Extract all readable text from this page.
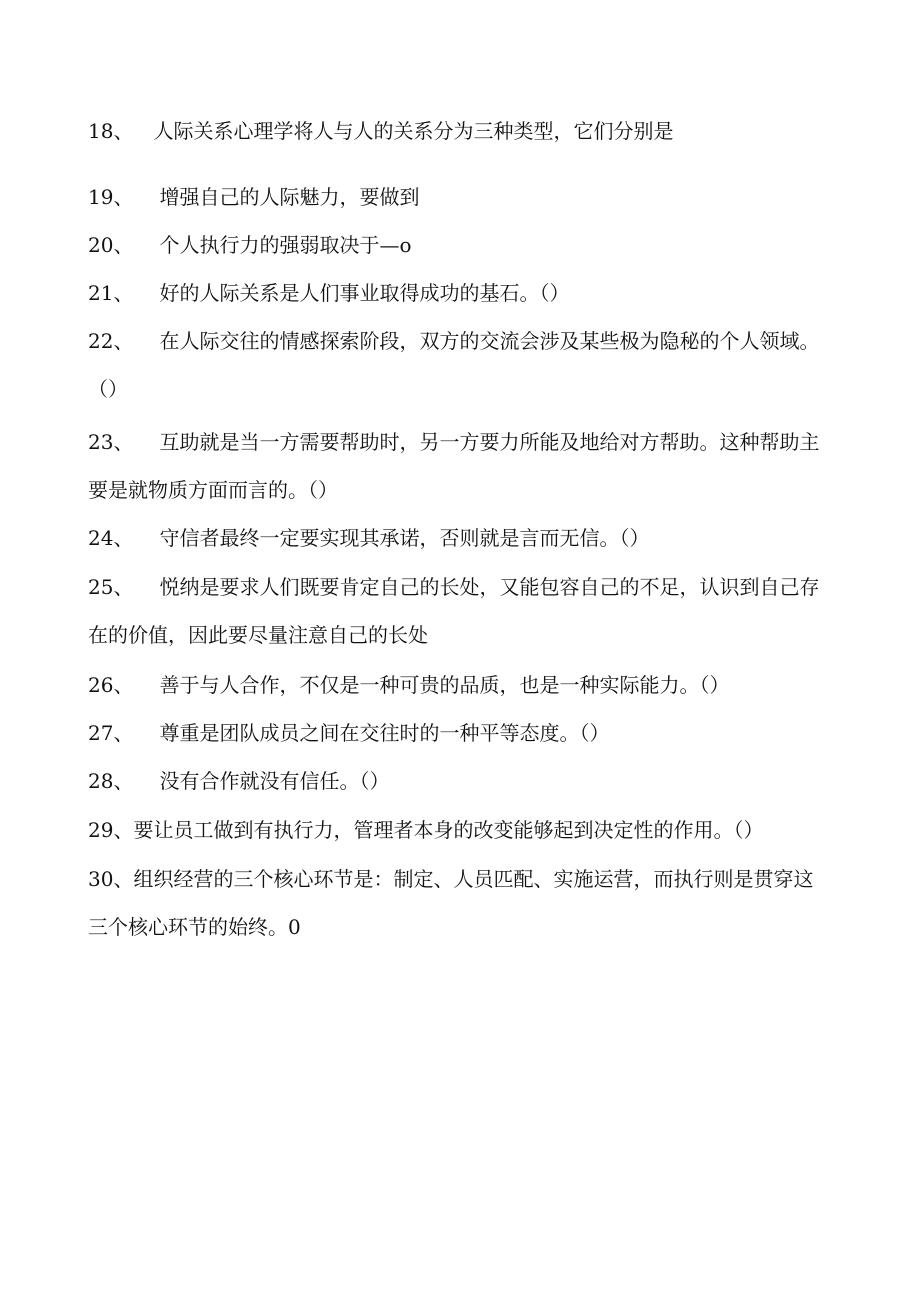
18、 人际关系心理学将人与人的关系分为三种类型，它们分别是
19、 增强自己的人际魅力，要做到
20、 个人执行力的强弱取决于—o
21、 好的人际关系是人们事业取得成功的基石。（）
22、 在人际交往的情感探索阶段，双方的交流会涉及某些极为隐秘的个人领域。（）
23、 互助就是当一方需要帮助时，另一方要力所能及地给对方帮助。这种帮助主要是就物质方面而言的。（）
24、 守信者最终一定要实现其承诺，否则就是言而无信。（）
25、 悦纳是要求人们既要肯定自己的长处，又能包容自己的不足，认识到自己存在的价值，因此要尽量注意自己的长处
26、 善于与人合作，不仅是一种可贵的品质，也是一种实际能力。（）
27、 尊重是团队成员之间在交往时的一种平等态度。（）
28、 没有合作就没有信任。（）
29、要让员工做到有执行力，管理者本身的改变能够起到决定性的作用。（）
30、组织经营的三个核心环节是：制定、人员匹配、实施运营，而执行则是贯穿这三个核心环节的始终。0
